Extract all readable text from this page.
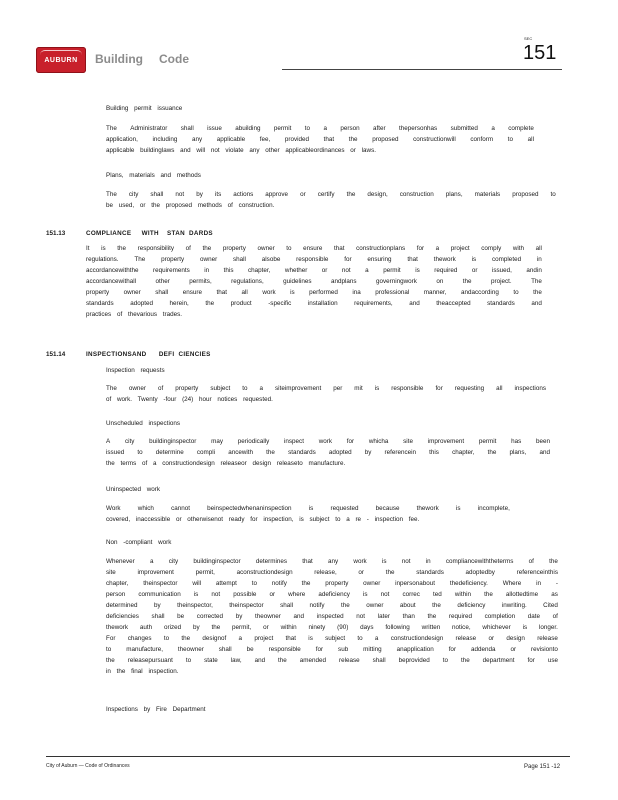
AUBURN	Building Code
SEC
151
Building permit issuance
The Administrator shall issue abuilding permit to a person after thepersonhas submitted a complete
application, including any applicable fee, provided that the proposed constructionwill conform to all
applicable buildinglaws and will not violate any other applicableordinances or laws.
Plans, materials and methods
The city shall not by its actions approve or certify the design, construction plans, materials proposed to
be used, or the proposed methods of construction.
It is the responsibility of the property owner to ensure that constructionplans for a project comply with all
regulations.	The	property	owner	shall	alsobe	responsible	for	ensuring	that	thework	is	completed	in
accordancewiththe requirements in this chapter, whether or not a permit is required or issued, andin
accordancewithall	other	permits,	regulations,	guidelines	andplans	governingwork	on	the	project.	The
property owner shall ensure that all work is performed ina professional manner, andaccording to the
standards	adopted	herein,	the	product	-specific	installation	requirements,	and	theaccepted	standards	and
practices of thevarious trades.
Inspection requests
The owner of property subject to a siteimprovement per mit is responsible for requesting all inspections
of work. Twenty -four (24) hour notices requested.
Unscheduled inspections
A city buildinginspector may periodically inspect work for whicha site improvement permit has been
issued to determine compli ancewith the standards adopted by referencein this chapter, the plans, and
the terms of a constructiondesign releaseor design releaseto manufacture.
Uninspected work
Work	which	cannot	beinspectedwhenaninspection	is	requested	because	thework	is	incomplete,
covered, inaccessible or otherwisenot ready for inspection, is subject to a re - inspection fee.
Non -compliant work
Whenever a city buildinginspector determines that any work is not in compliancewiththeterms of the
site	improvement	permit,	aconstructiondesign	release,	or	the	standards	adoptedby	referenceinthis
chapter, theinspector will attempt to notify the property owner inpersonabout thedeficiency. Where in -
person communication is not possible or where adeficiency is not correc ted within the allottedtime as
determined	by	theinspector,	theinspector	shall	notify	the	owner	about	the	deficiency	inwriting.	Cited
deficiencies shall be corrected by theowner and inspected not later than the required completion date of
thework auth orized by the permit, or within ninety (90) days following written notice, whichever is longer.
For changes to the designof a project that is subject to a constructiondesign release or design release
to manufacture, theowner shall be responsible for sub mitting anapplication for addenda or revisionto
the releasepursuant to state law, and the amended release shall beprovided to the department for use
in the final inspection.
Inspections by Fire Department
151.13	COMPLIANCE     WITH    STAN  DARDS
151.14	INSPECTIONSAND      DEFI  CIENCIES
City of Auburn — Code of Ordinances	Page 151 -12
